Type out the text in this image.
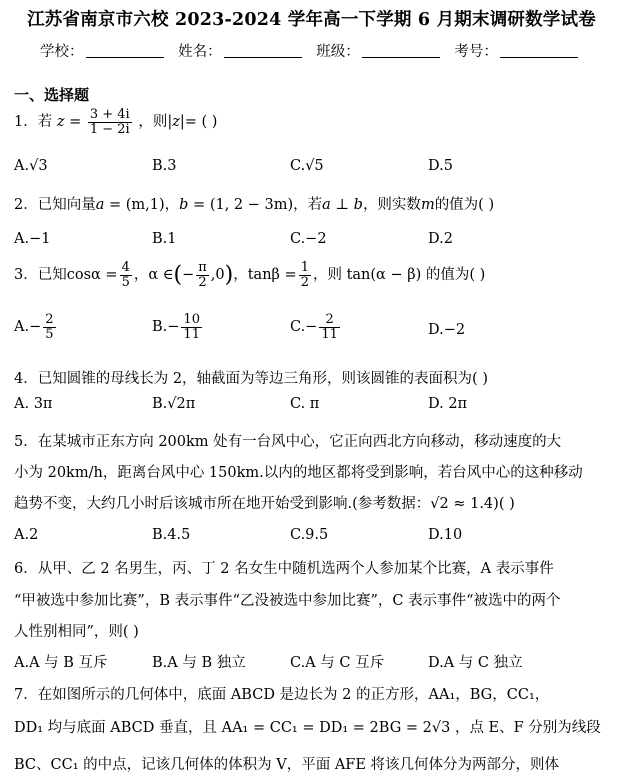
江苏省南京市六校 2023-2024 学年高一下学期 6 月期末调研数学试卷
学校：	姓名：	班级：	考号：
一、选择题
1．若 $z = \frac{3 + 4i}{1 - 2i}$ ，则|z|= ( )
A.√3	B.3	C.√5	D.5
2．已知向量a = (m,1)，b = (1, 2 − 3m)，若a ⊥ b，则实数m的值为( )
A.−1	B.1	C.−2	D.2
3．已知$\cos\alpha = \frac{4}{5}$ ，α ∈(− $\frac{\pi}{2} ,0$)，$\tan\beta = \frac{1}{2}$ ，则 tan(α − β) 的值为( )
$A.- \frac{2}{5}$	$B.- \frac{10}{11}$	$C.- \frac{2}{11}$	D.−2
4．已知圆锥的母线长为 2，轴截面为等边三角形，则该圆锥的表面积为( )
A. 3π	B.√2π	C. π	D. 2π
5．在某城市正东方向 200km 处有一台风中心，它正向西北方向移动，移动速度的大
小为 20km/h，距离台风中心 150km.以内的地区都将受到影响，若台风中心的这种移动
趋势不变，大约几小时后该城市所在地开始受到影响.(参考数据：√2 ≈ 1.4)( )
A.2	B.4.5	C.9.5	D.10
6．从甲、乙 2 名男生，丙、丁 2 名女生中随机选两个人参加某个比赛，A 表示事件
“甲被选中参加比赛”，B 表示事件“乙没被选中参加比赛”，C 表示事件“被选中的两个
人性别相同”，则( )
A.A 与 B 互斥	B.A 与 B 独立	C.A 与 C 互斥	D.A 与 C 独立
7．在如图所示的几何体中，底面 ABCD 是边长为 2 的正方形，AA₁，BG，CC₁，
DD₁ 均与底面 ABCD 垂直，且 AA₁ = CC₁ = DD₁ = 2BG = 2√3 ，点 E、F 分别为线段
BC、CC₁ 的中点，记该几何体的体积为 V，平面 AFE 将该几何体分为两部分，则体
